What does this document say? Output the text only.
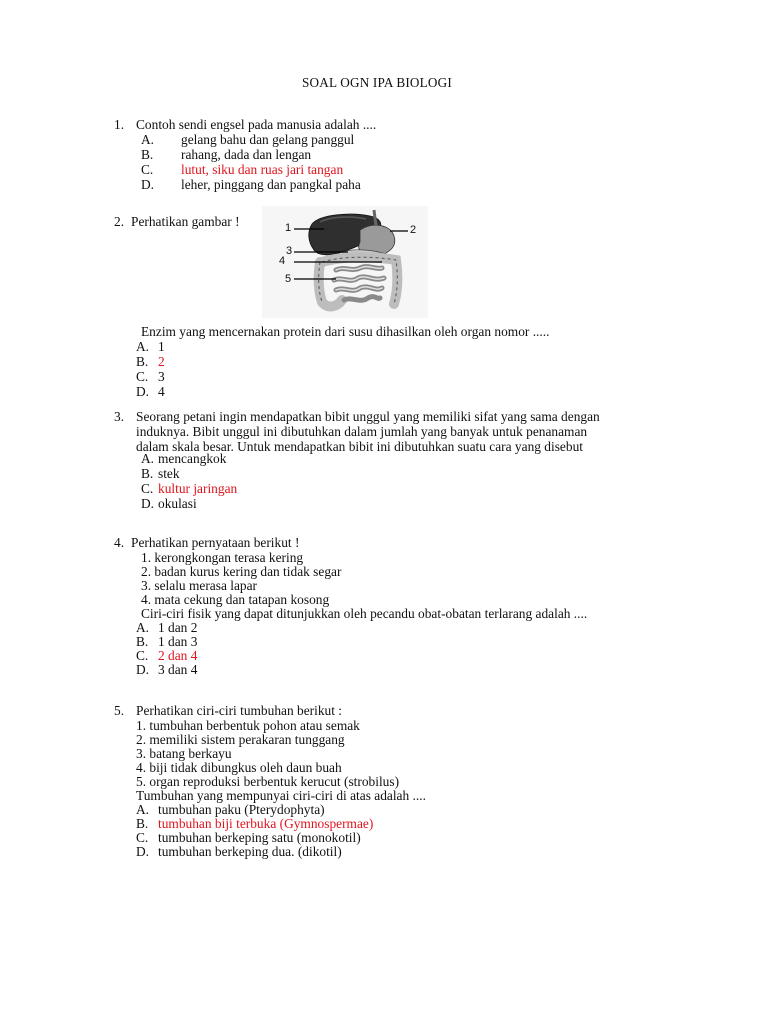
SOAL OGN IPA BIOLOGI
1. Contoh sendi engsel pada manusia adalah ....
A. gelang bahu dan gelang panggul
B. rahang, dada dan lengan
C. lutut, siku dan ruas jari tangan
D. leher, pinggang dan pangkal paha
2. Perhatikan gambar !	1	2
3
4
5
Enzim yang mencernakan protein dari susu dihasilkan oleh organ nomor .....
A. 1
B. 2
C. 3
D. 4
3. Seorang petani ingin mendapatkan bibit unggul yang memiliki sifat yang sama dengan
induknya. Bibit unggul ini dibutuhkan dalam jumlah yang banyak untuk penanaman
dalam skala besar. Untuk mendapatkan bibit ini dibutuhkan suatu cara yang disebut
A. mencangkok
B. stek
C. kultur jaringan
D. okulasi
4. Perhatikan pernyataan berikut !
1. kerongkongan terasa kering
2. badan kurus kering dan tidak segar
3. selalu merasa lapar
4. mata cekung dan tatapan kosong
Ciri-ciri fisik yang dapat ditunjukkan oleh pecandu obat-obatan terlarang adalah ....
A. 1 dan 2
B. 1 dan 3
C. 2 dan 4
D. 3 dan 4
5. Perhatikan ciri-ciri tumbuhan berikut :
1. tumbuhan berbentuk pohon atau semak
2. memiliki sistem perakaran tunggang
3. batang berkayu
4. biji tidak dibungkus oleh daun buah
5. organ reproduksi berbentuk kerucut (strobilus)
Tumbuhan yang mempunyai ciri-ciri di atas adalah ....
A. tumbuhan paku (Pterydophyta)
B. tumbuhan biji terbuka (Gymnospermae)
C. tumbuhan berkeping satu (monokotil)
D. tumbuhan berkeping dua. (dikotil)
